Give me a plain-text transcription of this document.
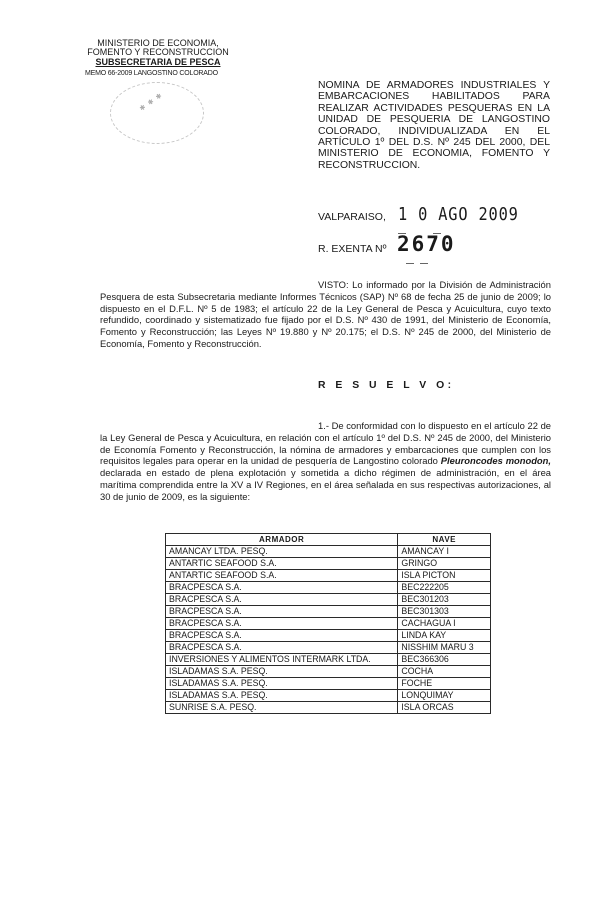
MINISTERIO DE ECONOMIA,
FOMENTO Y RECONSTRUCCION
SUBSECRETARIA DE PESCA
MEMO 66-2009 LANGOSTINO COLORADO
✱ ✱ ✱
NOMINA DE ARMADORES INDUSTRIALES Y EMBARCACIONES HABILITADOS PARA REALIZAR ACTIVIDADES PESQUERAS EN LA UNIDAD DE PESQUERIA DE LANGOSTINO COLORADO, INDIVIDUALIZADA EN EL ARTÍCULO 1º DEL D.S. Nº 245 DEL 2000, DEL MINISTERIO DE ECONOMIA, FOMENTO Y RECONSTRUCCION.
VALPARAISO, 1 0 AGO 2009
R. EXENTA Nº 2670
VISTO: Lo informado por la División de Administración Pesquera de esta Subsecretaria mediante Informes Técnicos (SAP) Nº 68 de fecha 25 de junio de 2009; lo dispuesto en el D.F.L. Nº 5 de 1983; el artículo 22 de la Ley General de Pesca y Acuicultura, cuyo texto refundido, coordinado y sistematizado fue fijado por el D.S. Nº 430 de 1991, del Ministerio de Economía, Fomento y Reconstrucción; las Leyes Nº 19.880 y Nº 20.175; el D.S. Nº 245 de 2000, del Ministerio de Economía, Fomento y Reconstrucción.
R E S U E L V O:
1.- De conformidad con lo dispuesto en el artículo 22 de la Ley General de Pesca y Acuicultura, en relación con el artículo 1º del D.S. Nº 245 de 2000, del Ministerio de Economía Fomento y Reconstrucción, la nómina de armadores y embarcaciones que cumplen con los requisitos legales para operar en la unidad de pesquería de Langostino colorado Pleuroncodes monodon, declarada en estado de plena explotación y sometida a dicho régimen de administración, en el área marítima comprendida entre la XV a IV Regiones, en el área señalada en sus respectivas autorizaciones, al 30 de junio de 2009, es la siguiente:
ARMADOR	NAVE
AMANCAY LTDA. PESQ.	AMANCAY I
ANTARTIC SEAFOOD S.A.	GRINGO
ANTARTIC SEAFOOD S.A.	ISLA PICTON
BRACPESCA S.A.	BEC222205
BRACPESCA S.A.	BEC301203
BRACPESCA S.A.	BEC301303
BRACPESCA S.A.	CACHAGUA I
BRACPESCA S.A.	LINDA KAY
BRACPESCA S.A.	NISSHIM MARU 3
INVERSIONES Y ALIMENTOS INTERMARK LTDA.	BEC366306
ISLADAMAS S.A. PESQ.	COCHA
ISLADAMAS S.A. PESQ.	FOCHE
ISLADAMAS S.A. PESQ.	LONQUIMAY
SUNRISE S.A. PESQ.	ISLA ORCAS
